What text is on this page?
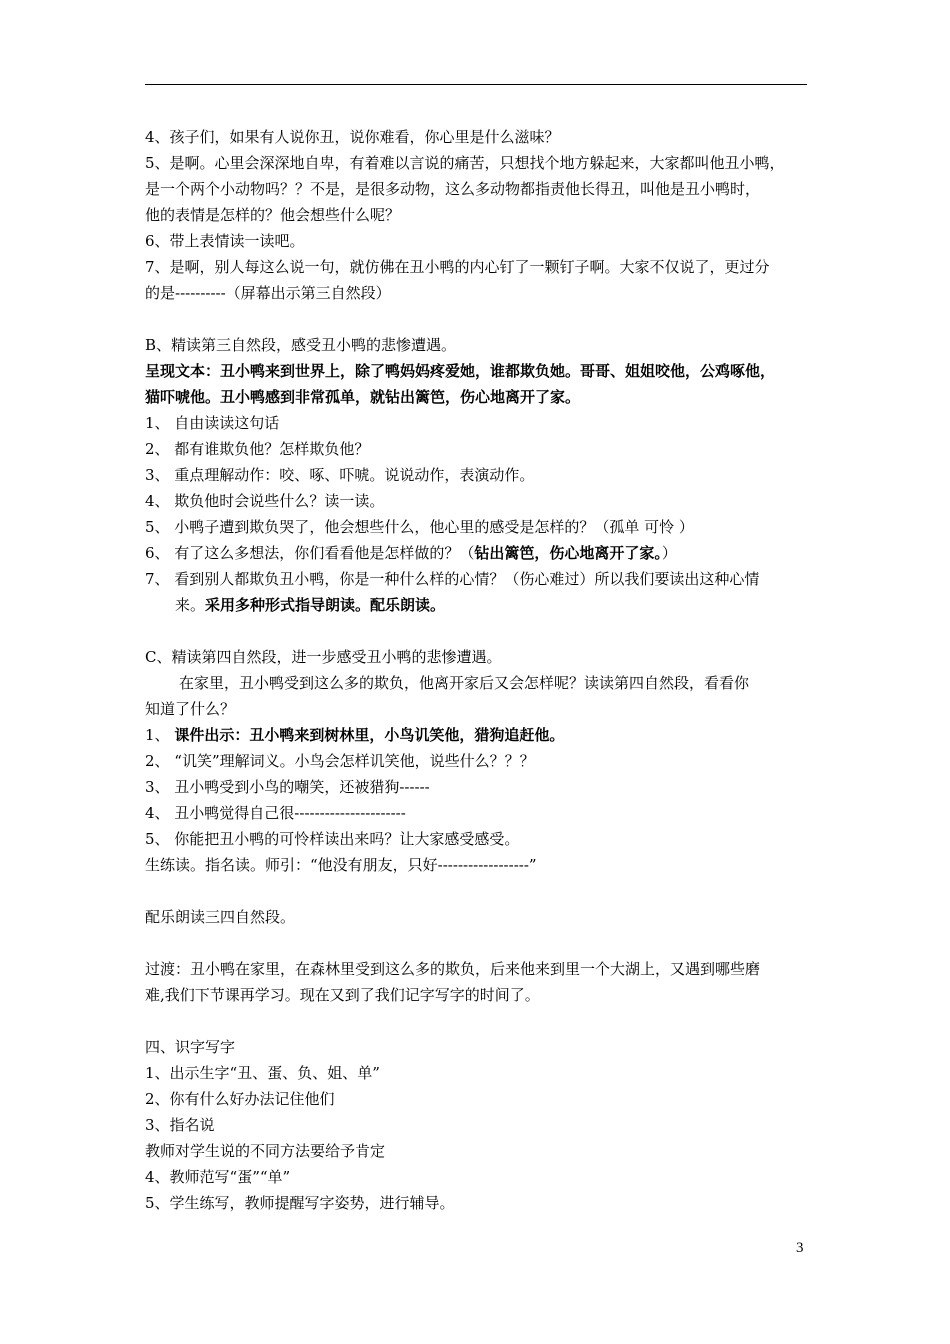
4、孩子们，如果有人说你丑，说你难看，你心里是什么滋味？
5、是啊。心里会深深地自卑，有着难以言说的痛苦，只想找个地方躲起来，大家都叫他丑小鸭，
是一个两个小动物吗？？不是，是很多动物，这么多动物都指责他长得丑，叫他是丑小鸭时，
他的表情是怎样的？他会想些什么呢？
6、带上表情读一读吧。
7、是啊，别人每这么说一句，就仿佛在丑小鸭的内心钉了一颗钉子啊。大家不仅说了，更过分
的是----------（屏幕出示第三自然段）
B、精读第三自然段，感受丑小鸭的悲惨遭遇。
呈现文本：丑小鸭来到世界上，除了鸭妈妈疼爱她，谁都欺负她。哥哥、姐姐咬他，公鸡啄他，
猫吓唬他。丑小鸭感到非常孤单，就钻出篱笆，伤心地离开了家。
1、 自由读读这句话
2、 都有谁欺负他？怎样欺负他？
3、 重点理解动作：咬、啄、吓唬。说说动作，表演动作。
4、 欺负他时会说些什么？读一读。
5、 小鸭子遭到欺负哭了，他会想些什么，他心里的感受是怎样的？（孤单 可怜 ）
6、 有了这么多想法，你们看看他是怎样做的？（钻出篱笆，伤心地离开了家。）
7、 看到别人都欺负丑小鸭，你是一种什么样的心情？（伤心难过）所以我们要读出这种心情
来。采用多种形式指导朗读。配乐朗读。
C、精读第四自然段，进一步感受丑小鸭的悲惨遭遇。
在家里，丑小鸭受到这么多的欺负，他离开家后又会怎样呢？读读第四自然段，看看你
知道了什么？
1、 课件出示：丑小鸭来到树林里，小鸟讥笑他，猎狗追赶他。
2、 “讥笑”理解词义。小鸟会怎样讥笑他，说些什么？？？
3、 丑小鸭受到小鸟的嘲笑，还被猎狗------
4、 丑小鸭觉得自己很----------------------
5、 你能把丑小鸭的可怜样读出来吗？让大家感受感受。
生练读。指名读。师引：“他没有朋友，只好------------------”
配乐朗读三四自然段。
过渡：丑小鸭在家里，在森林里受到这么多的欺负，后来他来到里一个大湖上，又遇到哪些磨
难,我们下节课再学习。现在又到了我们记字写字的时间了。
四、识字写字
1、出示生字“丑、蛋、负、姐、单”
2、你有什么好办法记住他们
3、指名说
教师对学生说的不同方法要给予肯定
4、教师范写“蛋”“单”
5、学生练写，教师提醒写字姿势，进行辅导。
3
